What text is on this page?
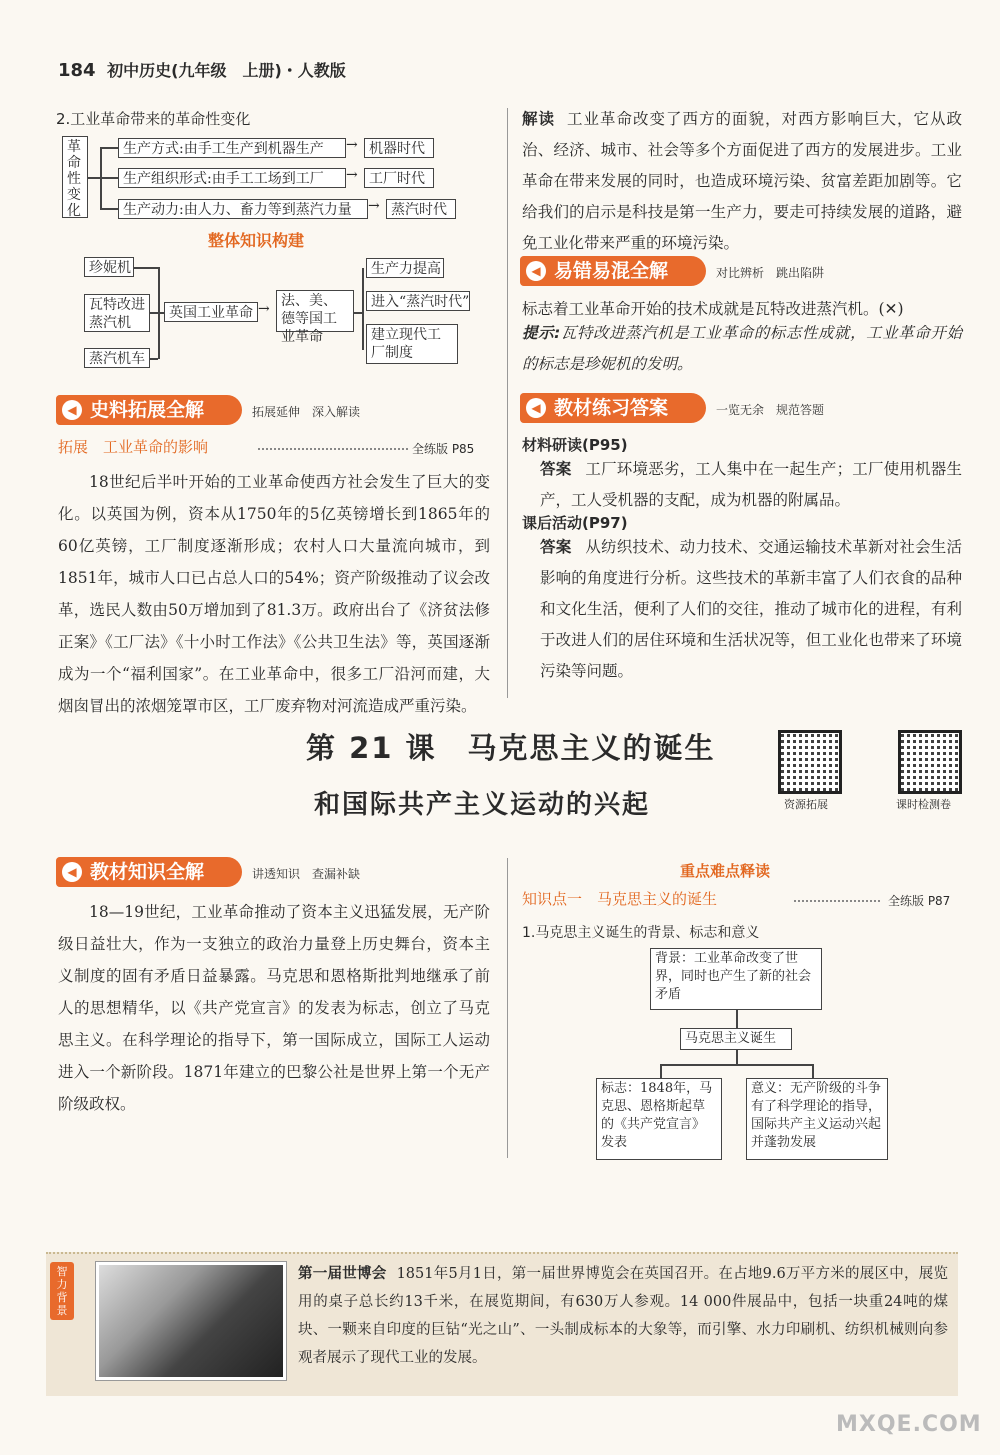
184 初中历史(九年级　上册)・人教版
2.工业革命带来的革命性变化
革命性变化
生产方式:由手工生产到机器生产	→ 机器时代
生产组织形式:由手工工场到工厂	→ 工厂时代
生产动力:由人力、畜力等到蒸汽力量	→ 蒸汽时代
整体知识构建
珍妮机
瓦特改进蒸汽机
蒸汽机车
英国工业革命 → 法、美、德等国工业革命
生产力提高
进入“蒸汽时代”
建立现代工厂制度
◀ 史料拓展全解	拓展延伸　深入解读
拓展　 工业革命的影响	全练版 P85
18世纪后半叶开始的工业革命使西方社会发生了巨大的变化。以英国为例，资本从1750年的5亿英镑增长到1865年的60亿英镑，工厂制度逐渐形成；农村人口大量流向城市，到1851年，城市人口已占总人口的54%；资产阶级推动了议会改革，选民人数由50万增加到了81.3万。政府出台了《济贫法修正案》《工厂法》《十小时工作法》《公共卫生法》等，英国逐渐成为一个“福利国家”。在工业革命中，很多工厂沿河而建，大烟囱冒出的浓烟笼罩市区，工厂废弃物对河流造成严重污染。
解读 工业革命改变了西方的面貌，对西方影响巨大，它从政治、经济、城市、社会等多个方面促进了西方的发展进步。工业革命在带来发展的同时，也造成环境污染、贫富差距加剧等。它给我们的启示是科技是第一生产力，要走可持续发展的道路，避免工业化带来严重的环境污染。
◀ 易错易混全解	对比辨析　跳出陷阱
标志着工业革命开始的技术成就是瓦特改进蒸汽机。(✕)
提示:瓦特改进蒸汽机是工业革命的标志性成就，工业革命开始的标志是珍妮机的发明。
◀ 教材练习答案	一览无余　规范答题
材料研读(P95)
答案 工厂环境恶劣，工人集中在一起生产；工厂使用机器生产，工人受机器的支配，成为机器的附属品。
课后活动(P97)
答案 从纺织技术、动力技术、交通运输技术革新对社会生活影响的角度进行分析。这些技术的革新丰富了人们衣食的品种和文化生活，便利了人们的交往，推动了城市化的进程，有利于改进人们的居住环境和生活状况等，但工业化也带来了环境污染等问题。
第 21 课　马克思主义的诞生
和国际共产主义运动的兴起	资源拓展	课时检测卷
◀ 教材知识全解	讲透知识　查漏补缺
18—19世纪，工业革命推动了资本主义迅猛发展，无产阶级日益壮大，作为一支独立的政治力量登上历史舞台，资本主义制度的固有矛盾日益暴露。马克思和恩格斯批判地继承了前人的思想精华，以《共产党宣言》的发表为标志，创立了马克思主义。在科学理论的指导下，第一国际成立，国际工人运动进入一个新阶段。1871年建立的巴黎公社是世界上第一个无产阶级政权。
重点难点释读
知识点一　 马克思主义的诞生	全练版 P87
1.马克思主义诞生的背景、标志和意义
背景：工业革命改变了世界，同时也产生了新的社会矛盾
马克思主义诞生
标志：1848年，马克思、恩格斯起草的《共产党宣言》发表
意义：无产阶级的斗争有了科学理论的指导，国际共产主义运动兴起并蓬勃发展
智力背景
第一届世博会 1851年5月1日，第一届世界博览会在英国召开。在占地9.6万平方米的展区中，展览用的桌子总长约13千米，在展览期间，有630万人参观。14 000件展品中，包括一块重24吨的煤块、一颗来自印度的巨钻“光之山”、一头制成标本的大象等，而引擎、水力印刷机、纺织机械则向参观者展示了现代工业的发展。
MXQE.COM
